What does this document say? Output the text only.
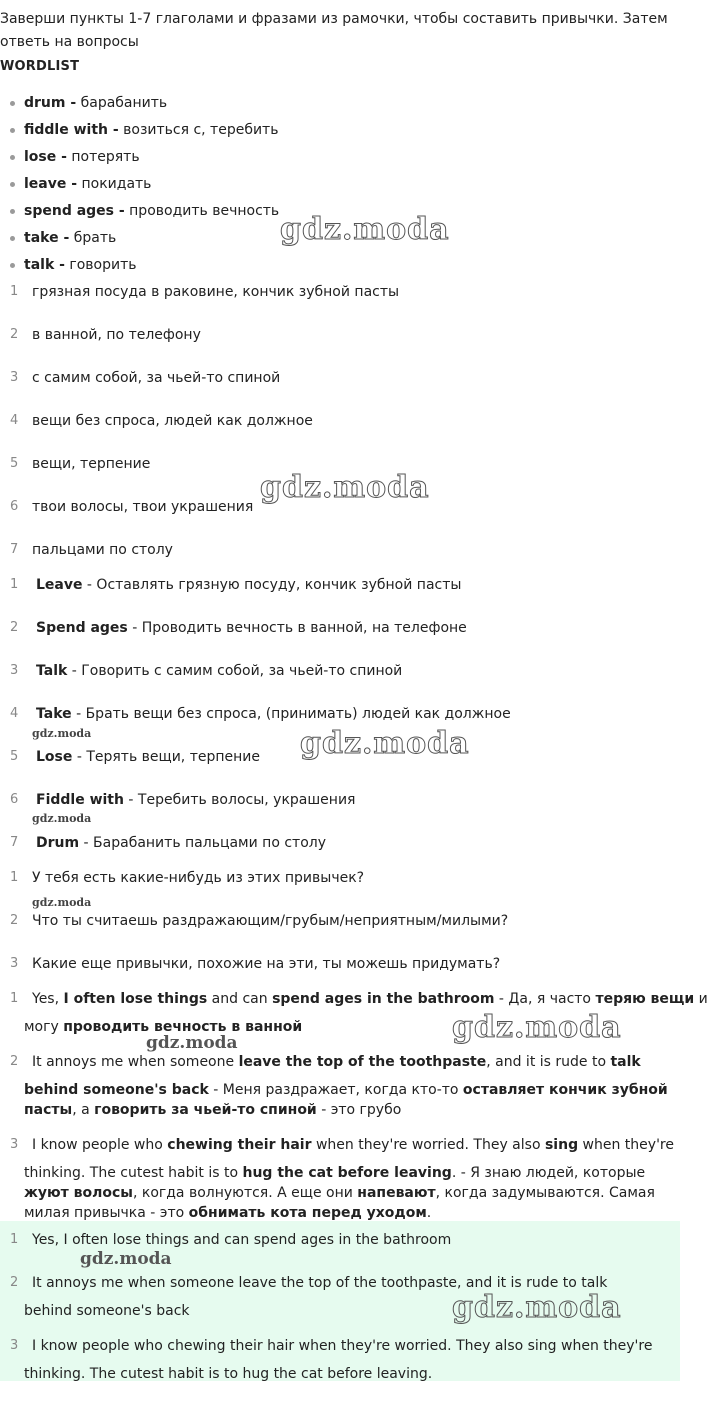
Заверши пункты 1-7 глаголами и фразами из рамочки, чтобы составить привычки. Затем ответь на вопросы
WORDLIST
drum - барабанить
fiddle with - возиться с, теребить
lose - потерять
leave - покидать
spend ages - проводить вечность
take - брать
talk - говорить
1 грязная посуда в раковине, кончик зубной пасты
2 в ванной, по телефону
3 с самим собой, за чьей-то спиной
4 вещи без спроса, людей как должное
5 вещи, терпение
6 твои волосы, твои украшения
7 пальцами по столу
1 Leave - Оставлять грязную посуду, кончик зубной пасты
2 Spend ages - Проводить вечность в ванной, на телефоне
3 Talk - Говорить с самим собой, за чьей-то спиной
4 Take - Брать вещи без спроса, (принимать) людей как должное
5 Lose - Терять вещи, терпение
6 Fiddle with - Теребить волосы, украшения
7 Drum - Барабанить пальцами по столу
1 У тебя есть какие-нибудь из этих привычек?
2 Что ты считаешь раздражающим/грубым/неприятным/милыми?
3 Какие еще привычки, похожие на эти, ты можешь придумать?
1 Yes, I often lose things and can spend ages in the bathroom - Да, я часто теряю вещи и
могу проводить вечность в ванной
2 It annoys me when someone leave the top of the toothpaste, and it is rude to talk
behind someone's back - Меня раздражает, когда кто-то оставляет кончик зубной
пасты, а говорить за чьей-то спиной - это грубо
3 I know people who chewing their hair when they're worried. They also sing when they're
thinking. The cutest habit is to hug the cat before leaving. - Я знаю людей, которые
жуют волосы, когда волнуются. А еще они напевают, когда задумываются. Самая
милая привычка - это обнимать кота перед уходом.
1 Yes, I often lose things and can spend ages in the bathroom
2 It annoys me when someone leave the top of the toothpaste, and it is rude to talk
behind someone's back
3 I know people who chewing their hair when they're worried. They also sing when they're
thinking. The cutest habit is to hug the cat before leaving.
gdz.moda
gdz.moda
gdz.moda
gdz.moda
gdz.moda
gdz.moda
gdz.moda
gdz.moda
gdz.moda
gdz.moda
